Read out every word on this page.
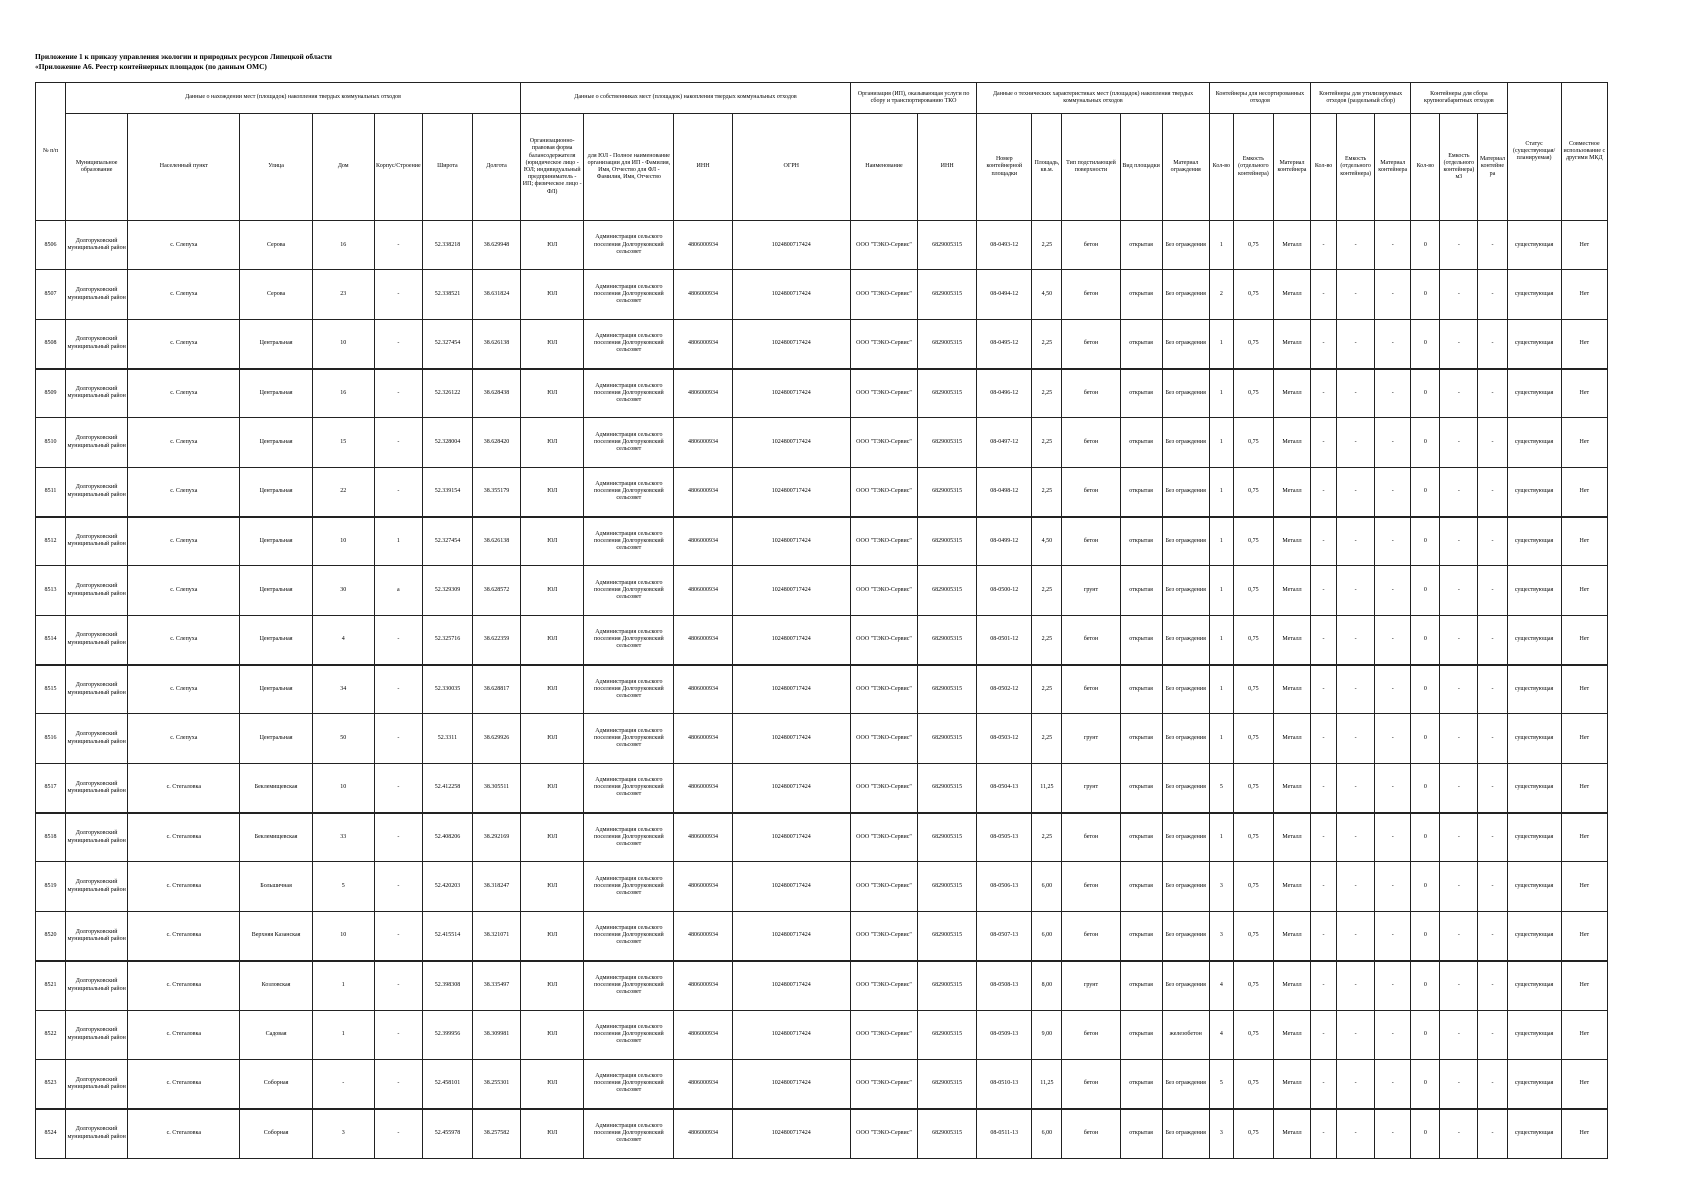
Приложение 1 к приказу управления экологии и природных ресурсов Липецкой области
«Приложение А6. Реестр контейнерных площадок (по данным ОМС)
№ п/п	Данные о нахождении мест (площадок) накопления твердых коммунальных отходов							Данные о собственниках мест (площадок) накопления твердых коммунальных отходов				Организация (ИП), оказывающая услуги по сбору и транспортированию ТКО		Данные о технических характеристиках мест (площадок) накопления твердых коммунальных отходов					Контейнеры для несортированных отходов			Контейнеры для утилизируемых отходов (раздельный сбор)			Контейнеры для сбора крупногабаритных отходов			Статус (существующая/планируемая)	Совместное использование с другими МКД
	Муниципальное образование	Населенный пункт	Улица	Дом	Корпус/Строение	Широта	Долгота	Организационно-правовая форма балансодержателя (юридическое лицо - ЮЛ; индивидуальный предприниматель - ИП; физическое лицо - ФЛ)	для ЮЛ - Полное наименование организации для ИП - Фамилия, Имя, Отчество для ФЛ - Фамилия, Имя, Отчество	ИНН	ОГРН	Наименование	ИНН	Номер контейнерной площадки	Площадь, кв.м.	Тип подстилающей поверхности	Вид площадки	Материал ограждения	Кол-во	Емкость (отдельного контейнера)	Материал контейнера	Кол-во	Емкость (отдельного контейнера)	Материал контейнера	Кол-во	Емкость (отдельного контейнера) м3	Материал контейнера		
8506	Долгоруковский муниципальный район	с. Слепуха	Серова	16	-	52.338218	38.629948	ЮЛ	Администрация сельского поселения Долгоруковский сельсовет	4806000934	1024800717424	ООО "ТЭКО-Сервис"	6829005315	08-0493-12	2,25	бетон	открытая	Без ограждения	1	0,75	Металл	-	-	-	0	-	-	существующая	Нет
8507	Долгоруковский муниципальный район	с. Слепуха	Серова	23	-	52.338521	38.631824	ЮЛ	Администрация сельского поселения Долгоруковский сельсовет	4806000934	1024800717424	ООО "ТЭКО-Сервис"	6829005315	08-0494-12	4,50	бетон	открытая	Без ограждения	2	0,75	Металл	-	-	-	0	-	-	существующая	Нет
8508	Долгоруковский муниципальный район	с. Слепуха	Центральная	10	-	52.327454	38.626138	ЮЛ	Администрация сельского поселения Долгоруковский сельсовет	4806000934	1024800717424	ООО "ТЭКО-Сервис"	6829005315	08-0495-12	2,25	бетон	открытая	Без ограждения	1	0,75	Металл	-	-	-	0	-	-	существующая	Нет
8509	Долгоруковский муниципальный район	с. Слепуха	Центральная	16	-	52.326122	38.628438	ЮЛ	Администрация сельского поселения Долгоруковский сельсовет	4806000934	1024800717424	ООО "ТЭКО-Сервис"	6829005315	08-0496-12	2,25	бетон	открытая	Без ограждения	1	0,75	Металл	-	-	-	0	-	-	существующая	Нет
8510	Долгоруковский муниципальный район	с. Слепуха	Центральная	15	-	52.328004	38.628420	ЮЛ	Администрация сельского поселения Долгоруковский сельсовет	4806000934	1024800717424	ООО "ТЭКО-Сервис"	6829005315	08-0497-12	2,25	бетон	открытая	Без ограждения	1	0,75	Металл	-	-	-	0	-	-	существующая	Нет
8511	Долгоруковский муниципальный район	с. Слепуха	Центральная	22	-	52.339154	38.355179	ЮЛ	Администрация сельского поселения Долгоруковский сельсовет	4806000934	1024800717424	ООО "ТЭКО-Сервис"	6829005315	08-0498-12	2,25	бетон	открытая	Без ограждения	1	0,75	Металл	-	-	-	0	-	-	существующая	Нет
8512	Долгоруковский муниципальный район	с. Слепуха	Центральная	10	1	52.327454	38.626138	ЮЛ	Администрация сельского поселения Долгоруковский сельсовет	4806000934	1024800717424	ООО "ТЭКО-Сервис"	6829005315	08-0499-12	4,50	бетон	открытая	Без ограждения	1	0,75	Металл	-	-	-	0	-	-	существующая	Нет
8513	Долгоруковский муниципальный район	с. Слепуха	Центральная	30	а	52.329309	38.628572	ЮЛ	Администрация сельского поселения Долгоруковский сельсовет	4806000934	1024800717424	ООО "ТЭКО-Сервис"	6829005315	08-0500-12	2,25	грунт	открытая	Без ограждения	1	0,75	Металл	-	-	-	0	-	-	существующая	Нет
8514	Долгоруковский муниципальный район	с. Слепуха	Центральная	4	-	52.325716	38.622359	ЮЛ	Администрация сельского поселения Долгоруковский сельсовет	4806000934	1024800717424	ООО "ТЭКО-Сервис"	6829005315	08-0501-12	2,25	бетон	открытая	Без ограждения	1	0,75	Металл	-	-	-	0	-	-	существующая	Нет
8515	Долгоруковский муниципальный район	с. Слепуха	Центральная	34	-	52.330035	38.628817	ЮЛ	Администрация сельского поселения Долгоруковский сельсовет	4806000934	1024800717424	ООО "ТЭКО-Сервис"	6829005315	08-0502-12	2,25	бетон	открытая	Без ограждения	1	0,75	Металл	-	-	-	0	-	-	существующая	Нет
8516	Долгоруковский муниципальный район	с. Слепуха	Центральная	50	-	52.3311	38.629926	ЮЛ	Администрация сельского поселения Долгоруковский сельсовет	4806000934	1024800717424	ООО "ТЭКО-Сервис"	6829005315	08-0503-12	2,25	грунт	открытая	Без ограждения	1	0,75	Металл	-	-	-	0	-	-	существующая	Нет
8517	Долгоруковский муниципальный район	с. Стегаловка	Беклемищевская	10	-	52.412258	38.305511	ЮЛ	Администрация сельского поселения Долгоруковский сельсовет	4806000934	1024800717424	ООО "ТЭКО-Сервис"	6829005315	08-0504-13	11,25	грунт	открытая	Без ограждения	5	0,75	Металл	-	-	-	0	-	-	существующая	Нет
8518	Долгоруковский муниципальный район	с. Стегаловка	Беклемищевская	33	-	52.408206	38.292169	ЮЛ	Администрация сельского поселения Долгоруковский сельсовет	4806000934	1024800717424	ООО "ТЭКО-Сервис"	6829005315	08-0505-13	2,25	бетон	открытая	Без ограждения	1	0,75	Металл	-	-	-	0	-	-	существующая	Нет
8519	Долгоруковский муниципальный район	с. Стегаловка	Большичная	5	-	52.420203	38.318247	ЮЛ	Администрация сельского поселения Долгоруковский сельсовет	4806000934	1024800717424	ООО "ТЭКО-Сервис"	6829005315	08-0506-13	6,00	бетон	открытая	Без ограждения	3	0,75	Металл	-	-	-	0	-	-	существующая	Нет
8520	Долгоруковский муниципальный район	с. Стегаловка	Верхняя Казанская	10	-	52.415514	38.321071	ЮЛ	Администрация сельского поселения Долгоруковский сельсовет	4806000934	1024800717424	ООО "ТЭКО-Сервис"	6829005315	08-0507-13	6,00	бетон	открытая	Без ограждения	3	0,75	Металл	-	-	-	0	-	-	существующая	Нет
8521	Долгоруковский муниципальный район	с. Стегаловка	Козловская	1	-	52.398308	38.335497	ЮЛ	Администрация сельского поселения Долгоруковский сельсовет	4806000934	1024800717424	ООО "ТЭКО-Сервис"	6829005315	08-0508-13	8,00	грунт	открытая	Без ограждения	4	0,75	Металл	-	-	-	0	-	-	существующая	Нет
8522	Долгоруковский муниципальный район	с. Стегаловка	Садовая	1	-	52.399956	38.309981	ЮЛ	Администрация сельского поселения Долгоруковский сельсовет	4806000934	1024800717424	ООО "ТЭКО-Сервис"	6829005315	08-0509-13	9,00	бетон	открытая	железобетон	4	0,75	Металл	-	-	-	0	-	-	существующая	Нет
8523	Долгоруковский муниципальный район	с. Стегаловка	Соборная	-	-	52.458101	38.255301	ЮЛ	Администрация сельского поселения Долгоруковский сельсовет	4806000934	1024800717424	ООО "ТЭКО-Сервис"	6829005315	08-0510-13	11,25	бетон	открытая	Без ограждения	5	0,75	Металл	-	-	-	0	-	-	существующая	Нет
8524	Долгоруковский муниципальный район	с. Стегаловка	Соборная	3	-	52.455978	38.257582	ЮЛ	Администрация сельского поселения Долгоруковский сельсовет	4806000934	1024800717424	ООО "ТЭКО-Сервис"	6829005315	08-0511-13	6,00	бетон	открытая	Без ограждения	3	0,75	Металл	-	-	-	0	-	-	существующая	Нет
